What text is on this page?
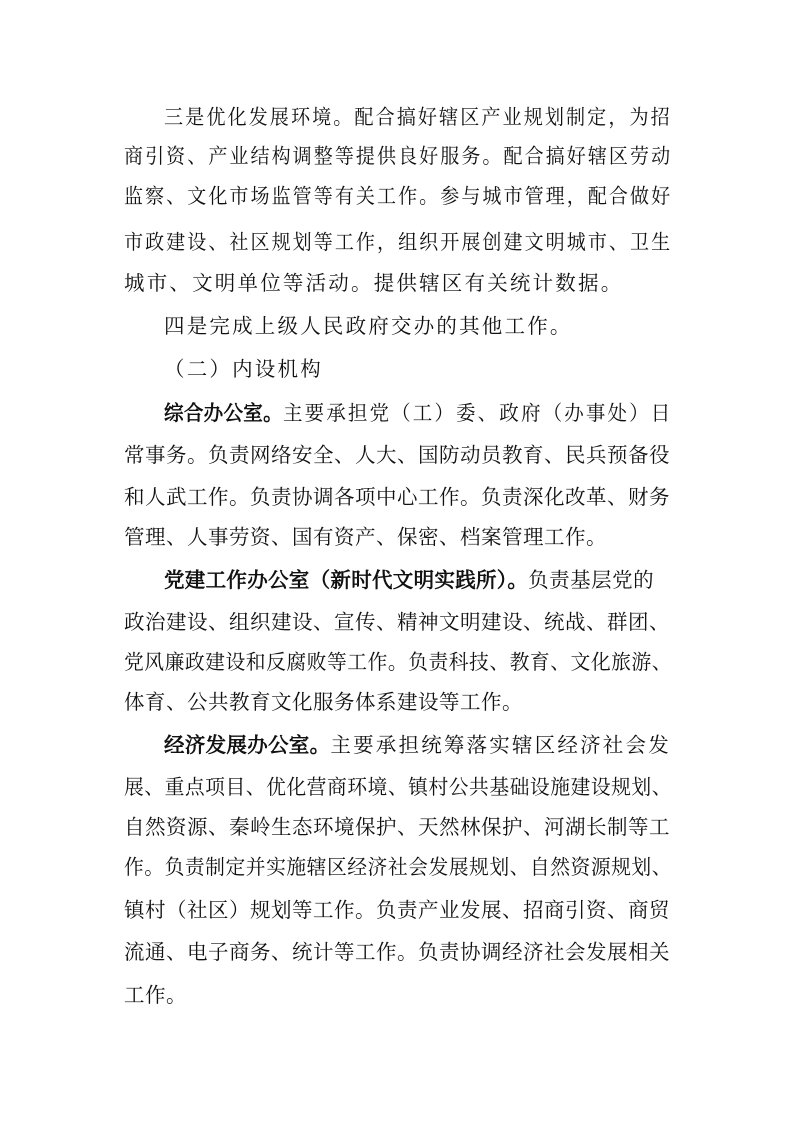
三是优化发展环境。配合搞好辖区产业规划制定，为招
商引资、产业结构调整等提供良好服务。配合搞好辖区劳动
监察、文化市场监管等有关工作。参与城市管理，配合做好
市政建设、社区规划等工作，组织开展创建文明城市、卫生
城市、文明单位等活动。提供辖区有关统计数据。
四是完成上级人民政府交办的其他工作。
（二）内设机构
综合办公室。主要承担党（工）委、政府（办事处）日
常事务。负责网络安全、人大、国防动员教育、民兵预备役
和人武工作。负责协调各项中心工作。负责深化改革、财务
管理、人事劳资、国有资产、保密、档案管理工作。
党建工作办公室（新时代文明实践所）。负责基层党的
政治建设、组织建设、宣传、精神文明建设、统战、群团、
党风廉政建设和反腐败等工作。负责科技、教育、文化旅游、
体育、公共教育文化服务体系建设等工作。
经济发展办公室。主要承担统筹落实辖区经济社会发
展、重点项目、优化营商环境、镇村公共基础设施建设规划、
自然资源、秦岭生态环境保护、天然林保护、河湖长制等工
作。负责制定并实施辖区经济社会发展规划、自然资源规划、
镇村（社区）规划等工作。负责产业发展、招商引资、商贸
流通、电子商务、统计等工作。负责协调经济社会发展相关
工作。
